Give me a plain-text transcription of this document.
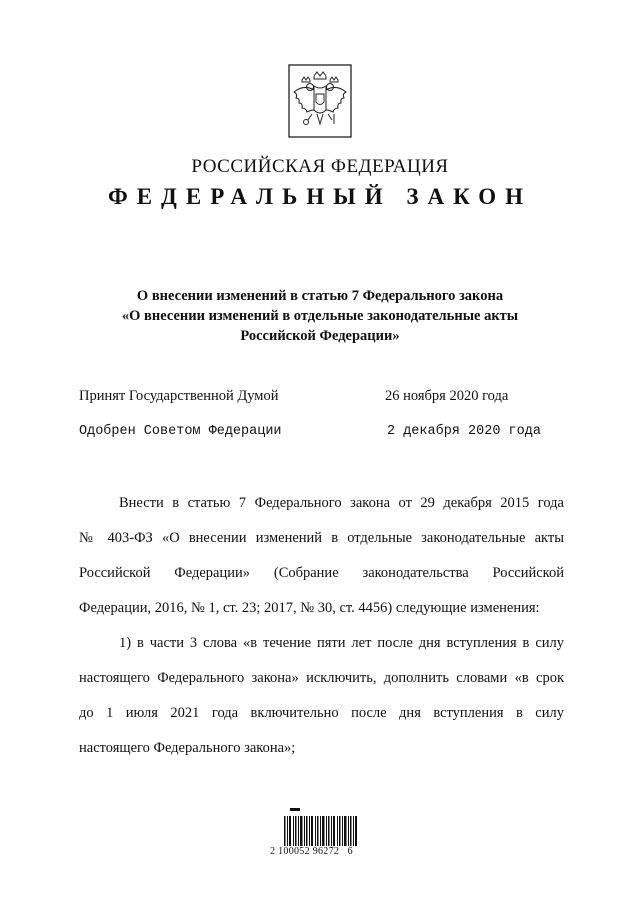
РОССИЙСКАЯ ФЕДЕРАЦИЯ
ФЕДЕРАЛЬНЫЙ ЗАКОН
О внесении изменений в статью 7 Федерального закона
«О внесении изменений в отдельные законодательные акты
Российской Федерации»
Принят Государственной Думой	26 ноября 2020 года
Одобрен Советом Федерации	2 декабря 2020 года
Внести в статью 7 Федерального закона от 29 декабря 2015 года
№ 403-ФЗ «О внесении изменений в отдельные законодательные акты
Российской Федерации» (Собрание законодательства Российской
Федерации, 2016, № 1, ст. 23; 2017, № 30, ст. 4456) следующие изменения:
1) в части 3 слова «в течение пяти лет после дня вступления в силу
настоящего Федерального закона» исключить, дополнить словами «в срок
до 1 июля 2021 года включительно после дня вступления в силу
настоящего Федерального закона»;
2 100052 96272   6
